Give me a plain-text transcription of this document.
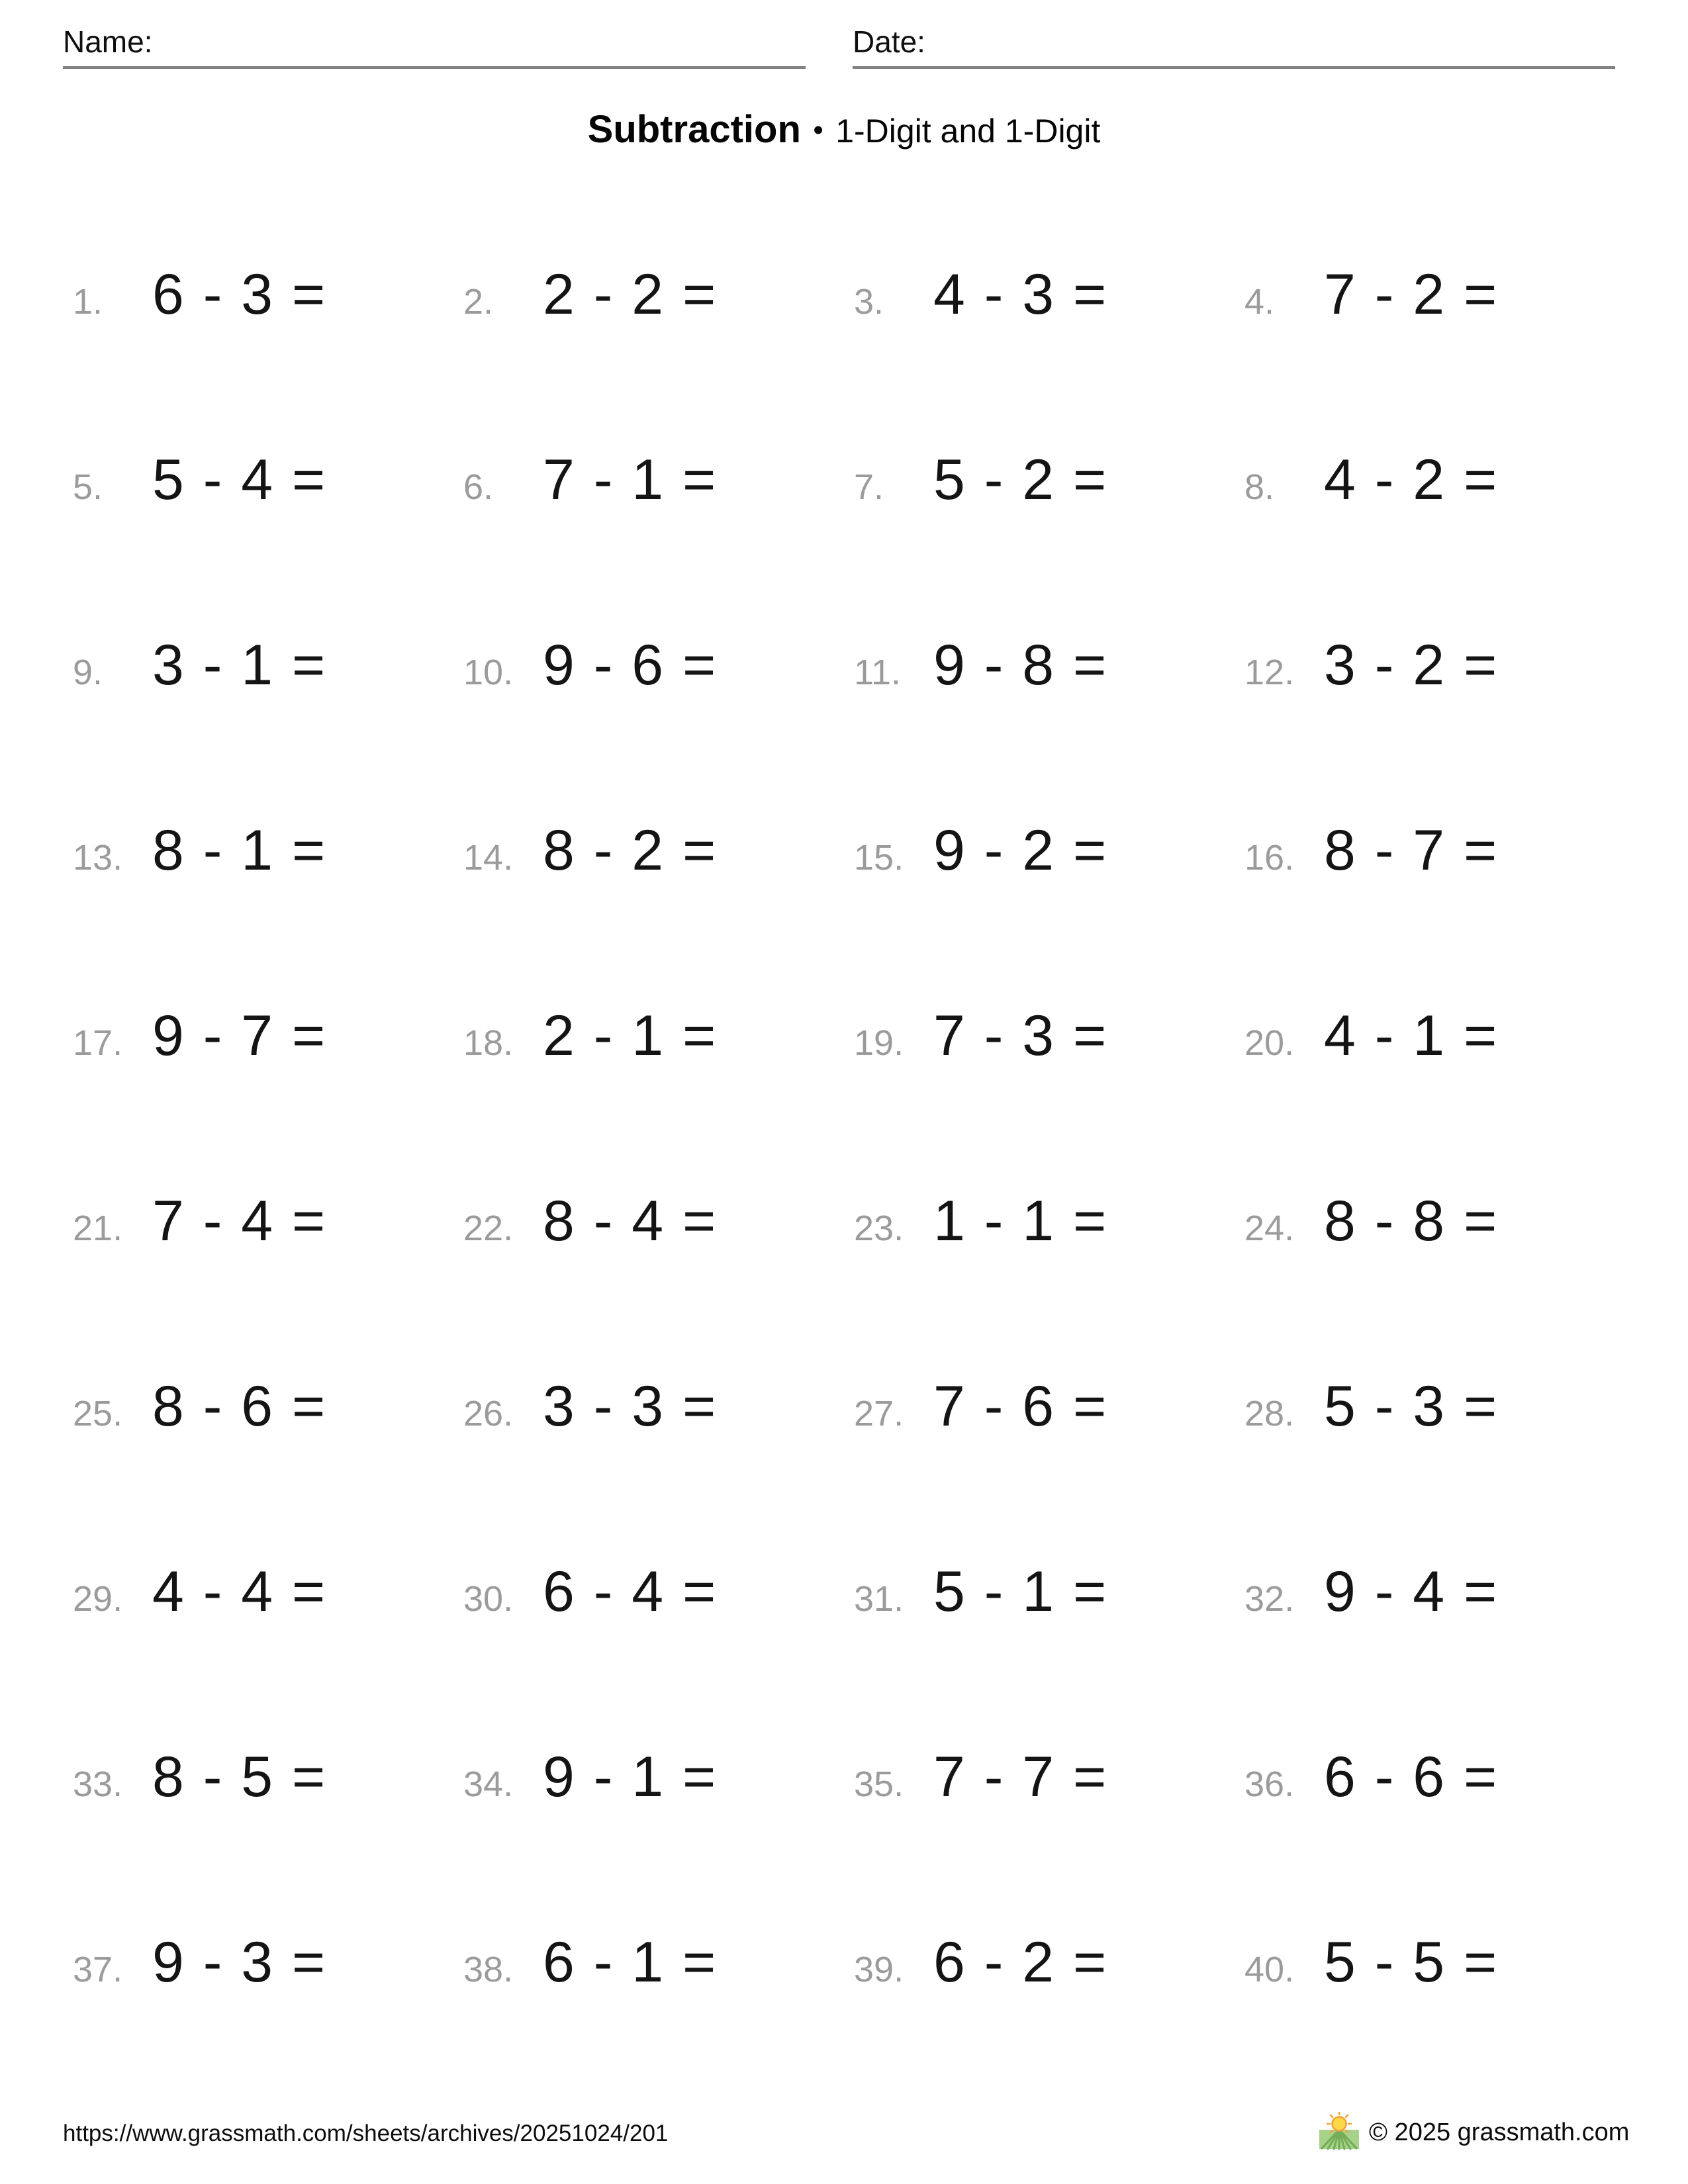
Name:	Date:
Subtraction • 1-Digit and 1-Digit
1. 6 - 3 =	2. 2 - 2 =	3. 4 - 3 =	4. 7 - 2 =
5. 5 - 4 =	6. 7 - 1 =	7. 5 - 2 =	8. 4 - 2 =
9. 3 - 1 =	10. 9 - 6 =	11. 9 - 8 =	12. 3 - 2 =
13. 8 - 1 =	14. 8 - 2 =	15. 9 - 2 =	16. 8 - 7 =
17. 9 - 7 =	18. 2 - 1 =	19. 7 - 3 =	20. 4 - 1 =
21. 7 - 4 =	22. 8 - 4 =	23. 1 - 1 =	24. 8 - 8 =
25. 8 - 6 =	26. 3 - 3 =	27. 7 - 6 =	28. 5 - 3 =
29. 4 - 4 =	30. 6 - 4 =	31. 5 - 1 =	32. 9 - 4 =
33. 8 - 5 =	34. 9 - 1 =	35. 7 - 7 =	36. 6 - 6 =
37. 9 - 3 =	38. 6 - 1 =	39. 6 - 2 =	40. 5 - 5 =
https://www.grassmath.com/sheets/archives/20251024/201	© 2025 grassmath.com
